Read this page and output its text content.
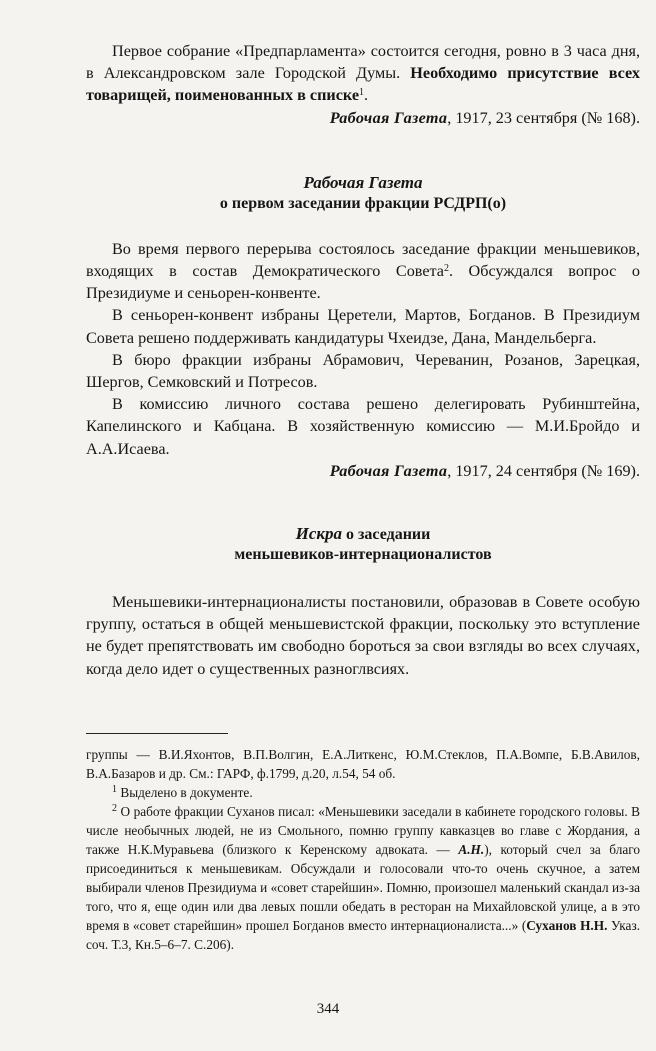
Первое собрание «Предпарламента» состоится сегодня, ровно в 3 часа дня, в Александровском зале Городской Думы. Необходимо присутствие всех товарищей, поименованных в списке$^1$.

Рабочая Газета, 1917, 23 сентября (№ 168).

Рабочая Газета
о первом заседании фракции РСДРП(о)

Во время первого перерыва состоялось заседание фракции меньшевиков, входящих в состав Демократического Совета$^2$. Обсуждался вопрос о Президиуме и сеньорен-конвенте.

В сеньорен-конвент избраны Церетели, Мартов, Богданов. В Президиум Совета решено поддерживать кандидатуры Чхеидзе, Дана, Мандельберга.

В бюро фракции избраны Абрамович, Череванин, Розанов, Зарецкая, Шергов, Семковский и Потресов.

В комиссию личного состава решено делегировать Рубинштейна, Капелинского и Кабцана. В хозяйственную комиссию — М.И.Бройдо и А.А.Исаева.

Рабочая Газета, 1917, 24 сентября (№ 169).

Искра о заседании
меньшевиков-интернационалистов

Меньшевики-интернационалисты постановили, образовав в Совете особую группу, остаться в общей меньшевистской фракции, поскольку это вступление не будет препятствовать им свободно бороться за свои взгляды во всех случаях, когда дело идет о существенных разноглвсиях.

группы — В.И.Яхонтов, В.П.Волгин, Е.А.Литкенс, Ю.М.Стеклов, П.А.Вомпе, Б.В.Авилов, В.А.Базаров и др. См.: ГАРФ, ф.1799, д.20, л.54, 54 об.

$^1$ Выделено в документе.

$^2$ О работе фракции Суханов писал: «Меньшевики заседали в кабинете городского головы. В числе необычных людей, не из Смольного, помню группу кавказцев во главе с Жордания, а также Н.К.Муравьева (близкого к Керенскому адвоката. — А.Н.), который счел за благо присоединиться к меньшевикам. Обсуждали и голосовали что-то очень скучное, а затем выбирали членов Президиума и «совет старейшин». Помню, произошел маленький скандал из-за того, что я, еще один или два левых пошли обедать в ресторан на Михайловской улице, а в это время в «совет старейшин» прошел Богданов вместо интернационалиста...» (Суханов Н.Н. Указ. соч. Т.3, Кн.5–6–7. С.206).

344
